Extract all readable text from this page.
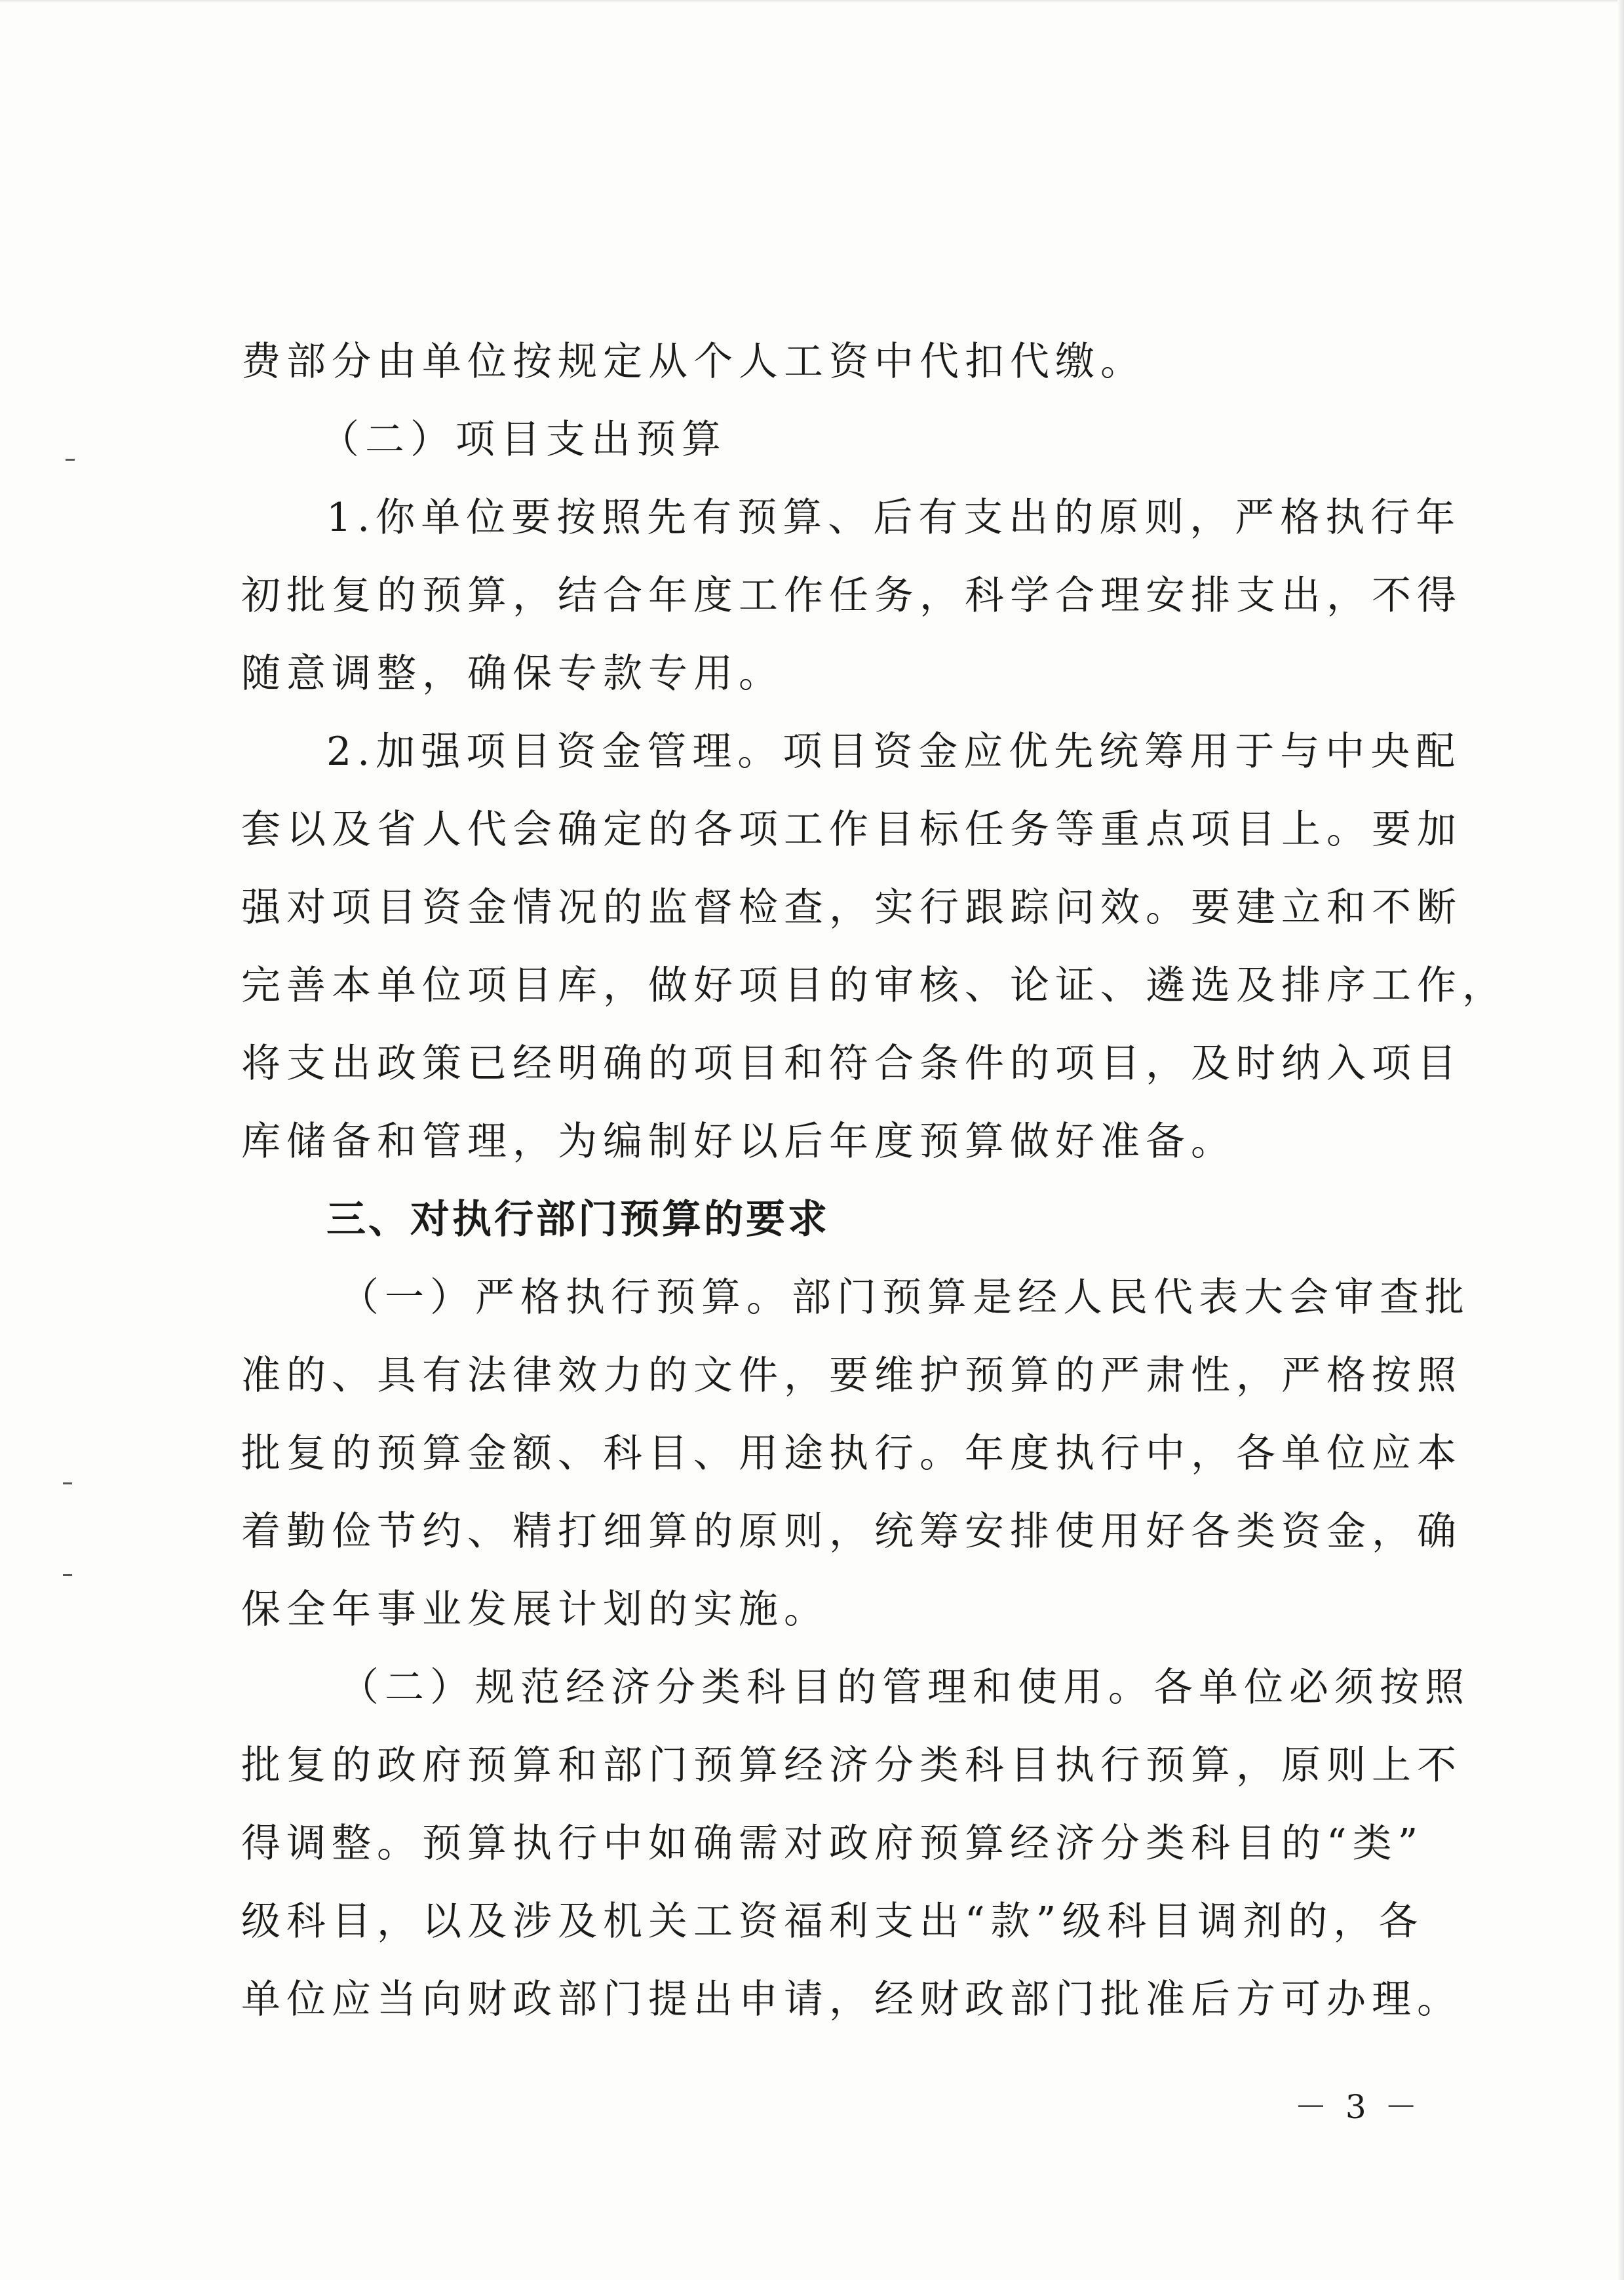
费部分由单位按规定从个人工资中代扣代缴。
（二）项目支出预算
1.你单位要按照先有预算、后有支出的原则，严格执行年
初批复的预算，结合年度工作任务，科学合理安排支出，不得
随意调整，确保专款专用。
2.加强项目资金管理。项目资金应优先统筹用于与中央配
套以及省人代会确定的各项工作目标任务等重点项目上。要加
强对项目资金情况的监督检查，实行跟踪问效。要建立和不断
完善本单位项目库，做好项目的审核、论证、遴选及排序工作，
将支出政策已经明确的项目和符合条件的项目，及时纳入项目
库储备和管理，为编制好以后年度预算做好准备。
三、对执行部门预算的要求
（一）严格执行预算。部门预算是经人民代表大会审查批
准的、具有法律效力的文件，要维护预算的严肃性，严格按照
批复的预算金额、科目、用途执行。年度执行中，各单位应本
着勤俭节约、精打细算的原则，统筹安排使用好各类资金，确
保全年事业发展计划的实施。
（二）规范经济分类科目的管理和使用。各单位必须按照
批复的政府预算和部门预算经济分类科目执行预算，原则上不
得调整。预算执行中如确需对政府预算经济分类科目的“类”
级科目，以及涉及机关工资福利支出“款”级科目调剂的，各
单位应当向财政部门提出申请，经财政部门批准后方可办理。
－ 3 －
